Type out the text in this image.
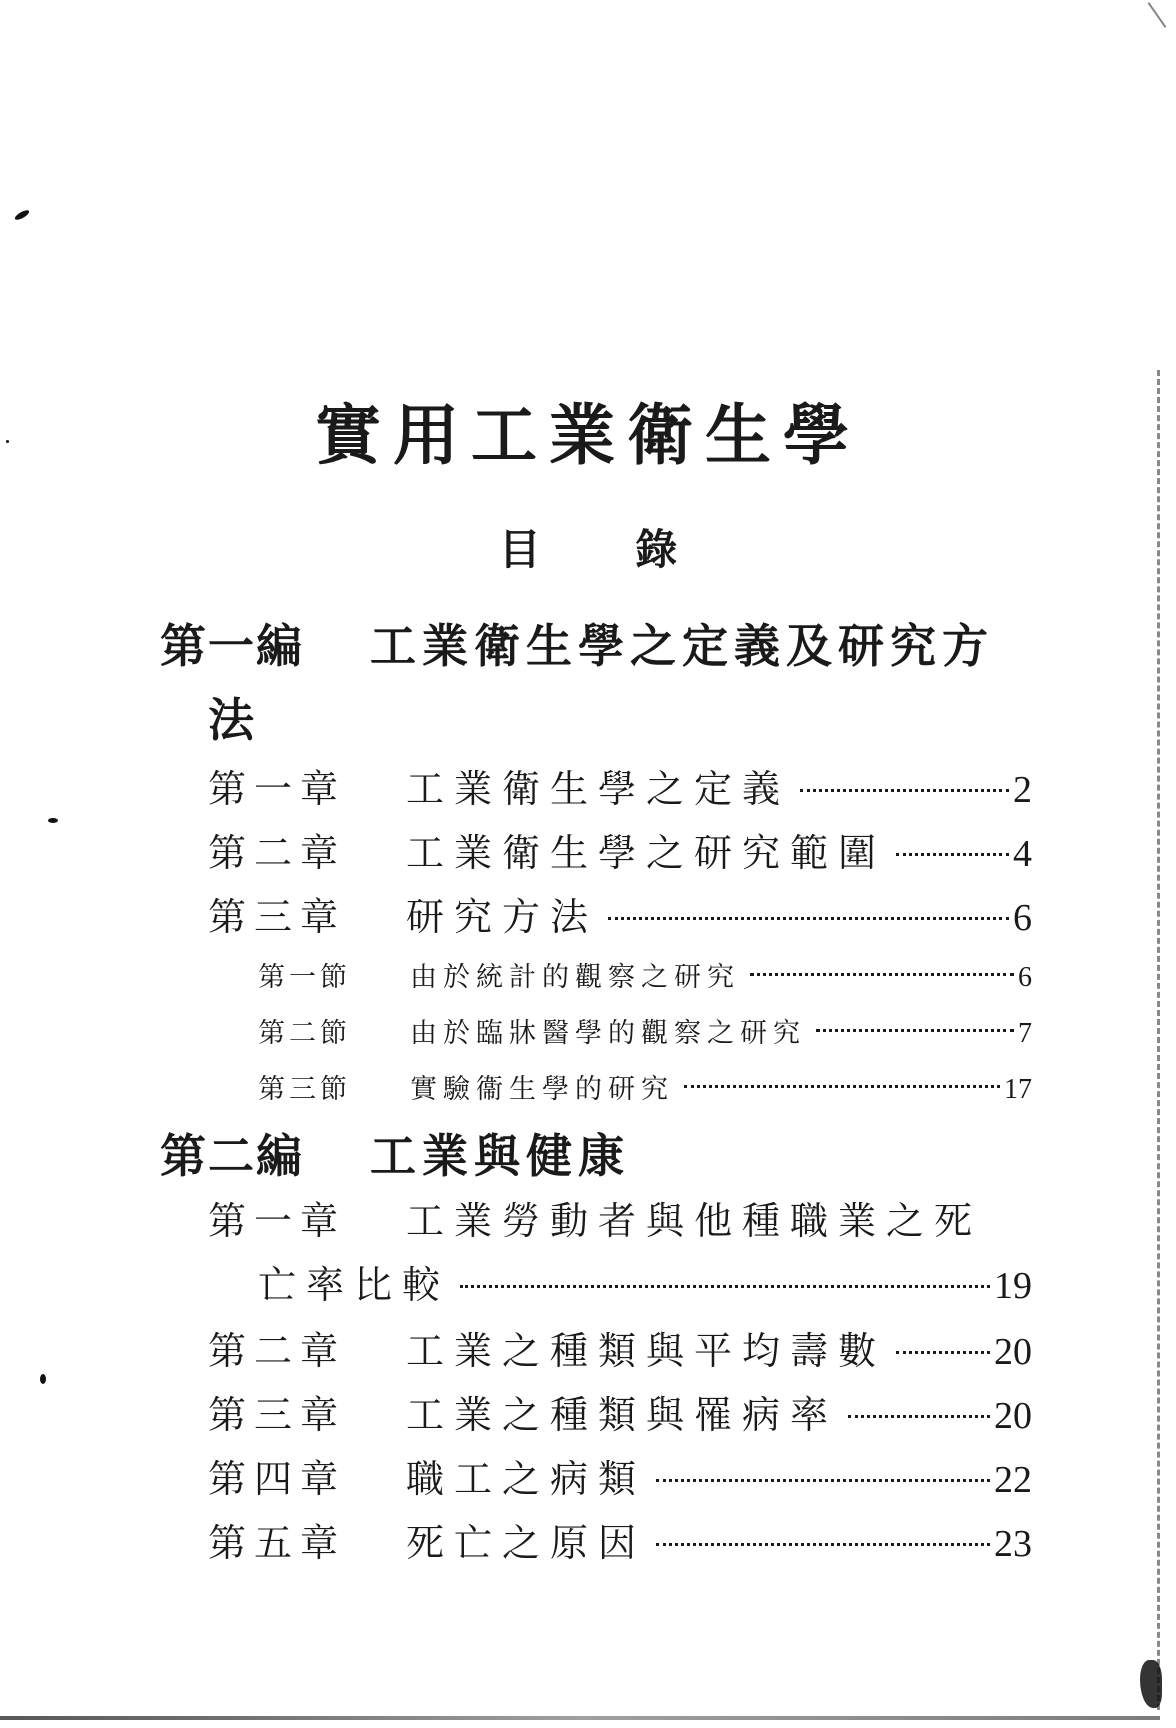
實用工業衛生學
目 錄
第一編 工業衛生學之定義及研究方
法
第一章	工業衛生學之定義	2
第二章	工業衛生學之研究範圍	4
第三章	研究方法	6
第一節	由於統計的觀察之研究	6
第二節	由於臨牀醫學的觀察之研究	7
第三節	實驗衞生學的研究	17
第二編 工業與健康
第一章 工業勞動者與他種職業之死
亡率比較	19
第二章	工業之種類與平均壽數	20
第三章	工業之種類與罹病率	20
第四章	職工之病類	22
第五章	死亡之原因	23
